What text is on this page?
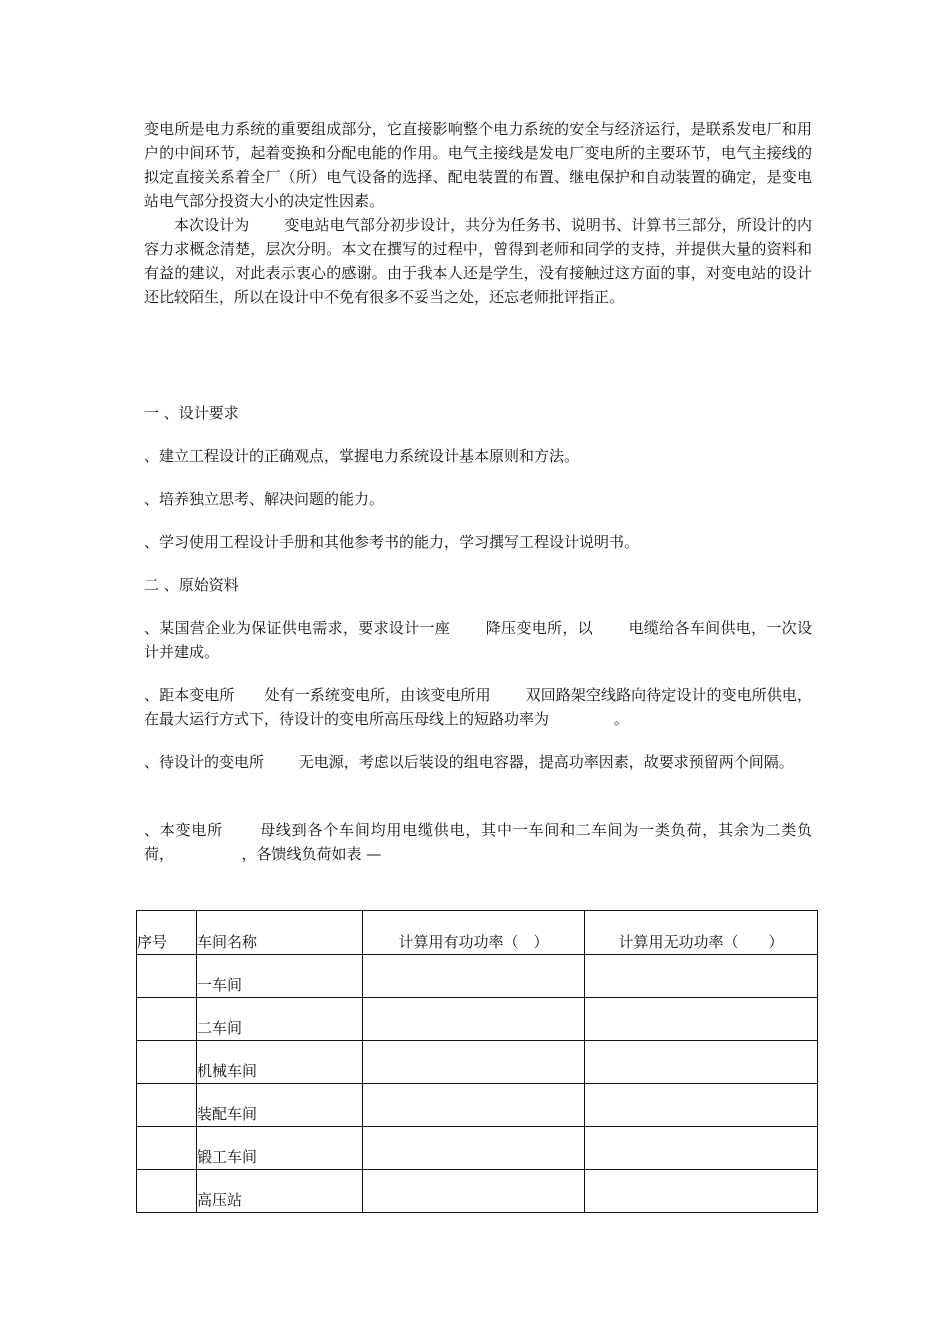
变电所是电力系统的重要组成部分，它直接影响整个电力系统的安全与经济运行，是联系发电厂和用户的中间环节，起着变换和分配电能的作用。电气主接线是发电厂变电所的主要环节，电气主接线的拟定直接关系着全厂（所）电气设备的选择、配电装置的布置、继电保护和自动装置的确定，是变电站电气部分投资大小的决定性因素。

本次设计为　　 变电站电气部分初步设计，共分为任务书、说明书、计算书三部分，所设计的内容力求概念清楚，层次分明。本文在撰写的过程中，曾得到老师和同学的支持，并提供大量的资料和有益的建议，对此表示衷心的感谢。由于我本人还是学生，没有接触过这方面的事，对变电站的设计还比较陌生，所以在设计中不免有很多不妥当之处，还忘老师批评指正。

一 、设计要求

、建立工程设计的正确观点，掌握电力系统设计基本原则和方法。

、培养独立思考、解决问题的能力。

、学习使用工程设计手册和其他参考书的能力，学习撰写工程设计说明书。

二 、原始资料

、某国营企业为保证供电需求，要求设计一座　　 降压变电所，以　　 电缆给各车间供电，一次设计并建成。

、距本变电所　　处有一系统变电所，由该变电所用　　 双回路架空线路向待定设计的变电所供电，在最大运行方式下，待设计的变电所高压母线上的短路功率为　　　　 。

、待设计的变电所　　 无电源，考虑以后装设的组电容器，提高功率因素，故要求预留两个间隔。

、本变电所　　 母线到各个车间均用电缆供电，其中一车间和二车间为一类负荷，其余为二类负荷，　　　　　，各馈线负荷如表 —

序号	车间名称	计算用有功功率（　）	计算用无功功率（　　）

	一车间		

	二车间		

	机械车间		

	装配车间		

	锻工车间		

	高压站		
